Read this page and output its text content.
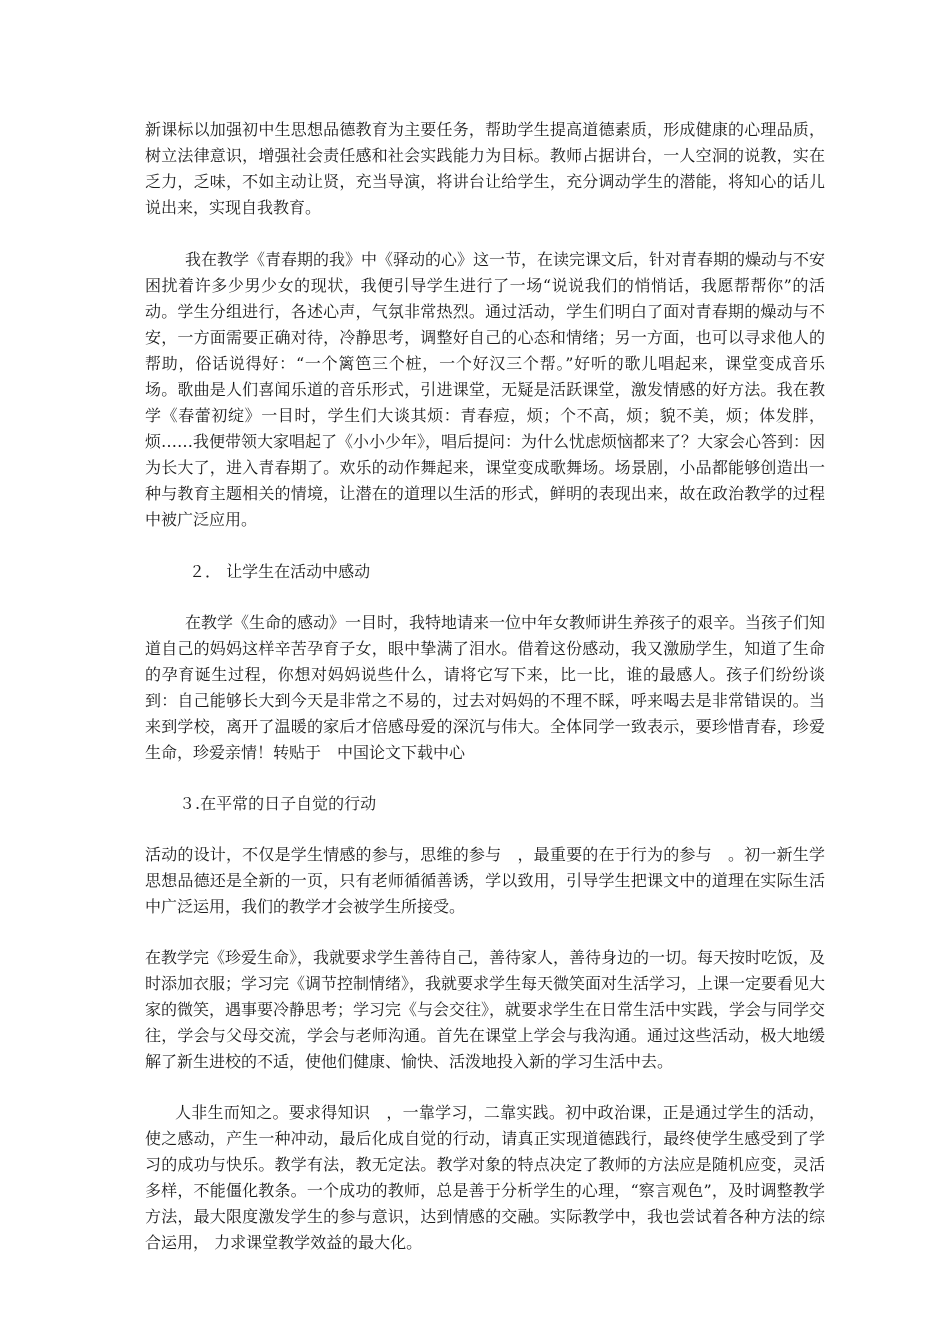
新课标以加强初中生思想品德教育为主要任务，帮助学生提高道德素质，形成健康的心理品质，树立法律意识，增强社会责任感和社会实践能力为目标。教师占据讲台，一人空洞的说教，实在乏力，乏味，不如主动让贤，充当导演，将讲台让给学生，充分调动学生的潜能，将知心的话儿说出来，实现自我教育。

我在教学《青春期的我》中《驿动的心》这一节，在读完课文后，针对青春期的燥动与不安困扰着许多少男少女的现状，我便引导学生进行了一场“说说我们的悄悄话，我愿帮帮你”的活动。学生分组进行，各述心声，气氛非常热烈。通过活动，学生们明白了面对青春期的燥动与不安，一方面需要正确对待，冷静思考，调整好自己的心态和情绪；另一方面，也可以寻求他人的帮助，俗话说得好：“一个篱笆三个桩，一个好汉三个帮。”好听的歌儿唱起来，课堂变成音乐场。歌曲是人们喜闻乐道的音乐形式，引进课堂，无疑是活跃课堂，激发情感的好方法。我在教学《春蕾初绽》一目时，学生们大谈其烦：青春痘，烦；个不高，烦；貌不美，烦；体发胖，烦……我便带领大家唱起了《小小少年》，唱后提问：为什么忧虑烦恼都来了？大家会心答到：因为长大了，进入青春期了。欢乐的动作舞起来，课堂变成歌舞场。场景剧，小品都能够创造出一种与教育主题相关的情境，让潜在的道理以生活的形式，鲜明的表现出来，故在政治教学的过程中被广泛应用。

２． 让学生在活动中感动

在教学《生命的感动》一目时，我特地请来一位中年女教师讲生养孩子的艰辛。当孩子们知道自己的妈妈这样辛苦孕育子女，眼中挚满了泪水。借着这份感动，我又激励学生，知道了生命的孕育诞生过程，你想对妈妈说些什么，请将它写下来，比一比，谁的最感人。孩子们纷纷谈到：自己能够长大到今天是非常之不易的，过去对妈妈的不理不睬，呼来喝去是非常错误的。当来到学校，离开了温暖的家后才倍感母爱的深沉与伟大。全体同学一致表示，要珍惜青春，珍爱生命，珍爱亲情！转贴于　中国论文下载中心

３.在平常的日子自觉的行动

活动的设计，不仅是学生情感的参与，思维的参与　，最重要的在于行为的参与　。初一新生学思想品德还是全新的一页，只有老师循循善诱，学以致用，引导学生把课文中的道理在实际生活中广泛运用，我们的教学才会被学生所接受。

在教学完《珍爱生命》，我就要求学生善待自己，善待家人，善待身边的一切。每天按时吃饭，及时添加衣服；学习完《调节控制情绪》，我就要求学生每天微笑面对生活学习，上课一定要看见大家的微笑，遇事要冷静思考；学习完《与会交往》，就要求学生在日常生活中实践，学会与同学交往，学会与父母交流，学会与老师沟通。首先在课堂上学会与我沟通。通过这些活动，极大地缓解了新生进校的不适，使他们健康、愉快、活泼地投入新的学习生活中去。

人非生而知之。要求得知识　，一靠学习，二靠实践。初中政治课，正是通过学生的活动，使之感动，产生一种冲动，最后化成自觉的行动，请真正实现道德践行，最终使学生感受到了学习的成功与快乐。教学有法，教无定法。教学对象的特点决定了教师的方法应是随机应变，灵活多样，不能僵化教条。一个成功的教师，总是善于分析学生的心理，“察言观色”，及时调整教学方法，最大限度激发学生的参与意识，达到情感的交融。实际教学中，我也尝试着各种方法的综合运用， 力求课堂教学效益的最大化。
